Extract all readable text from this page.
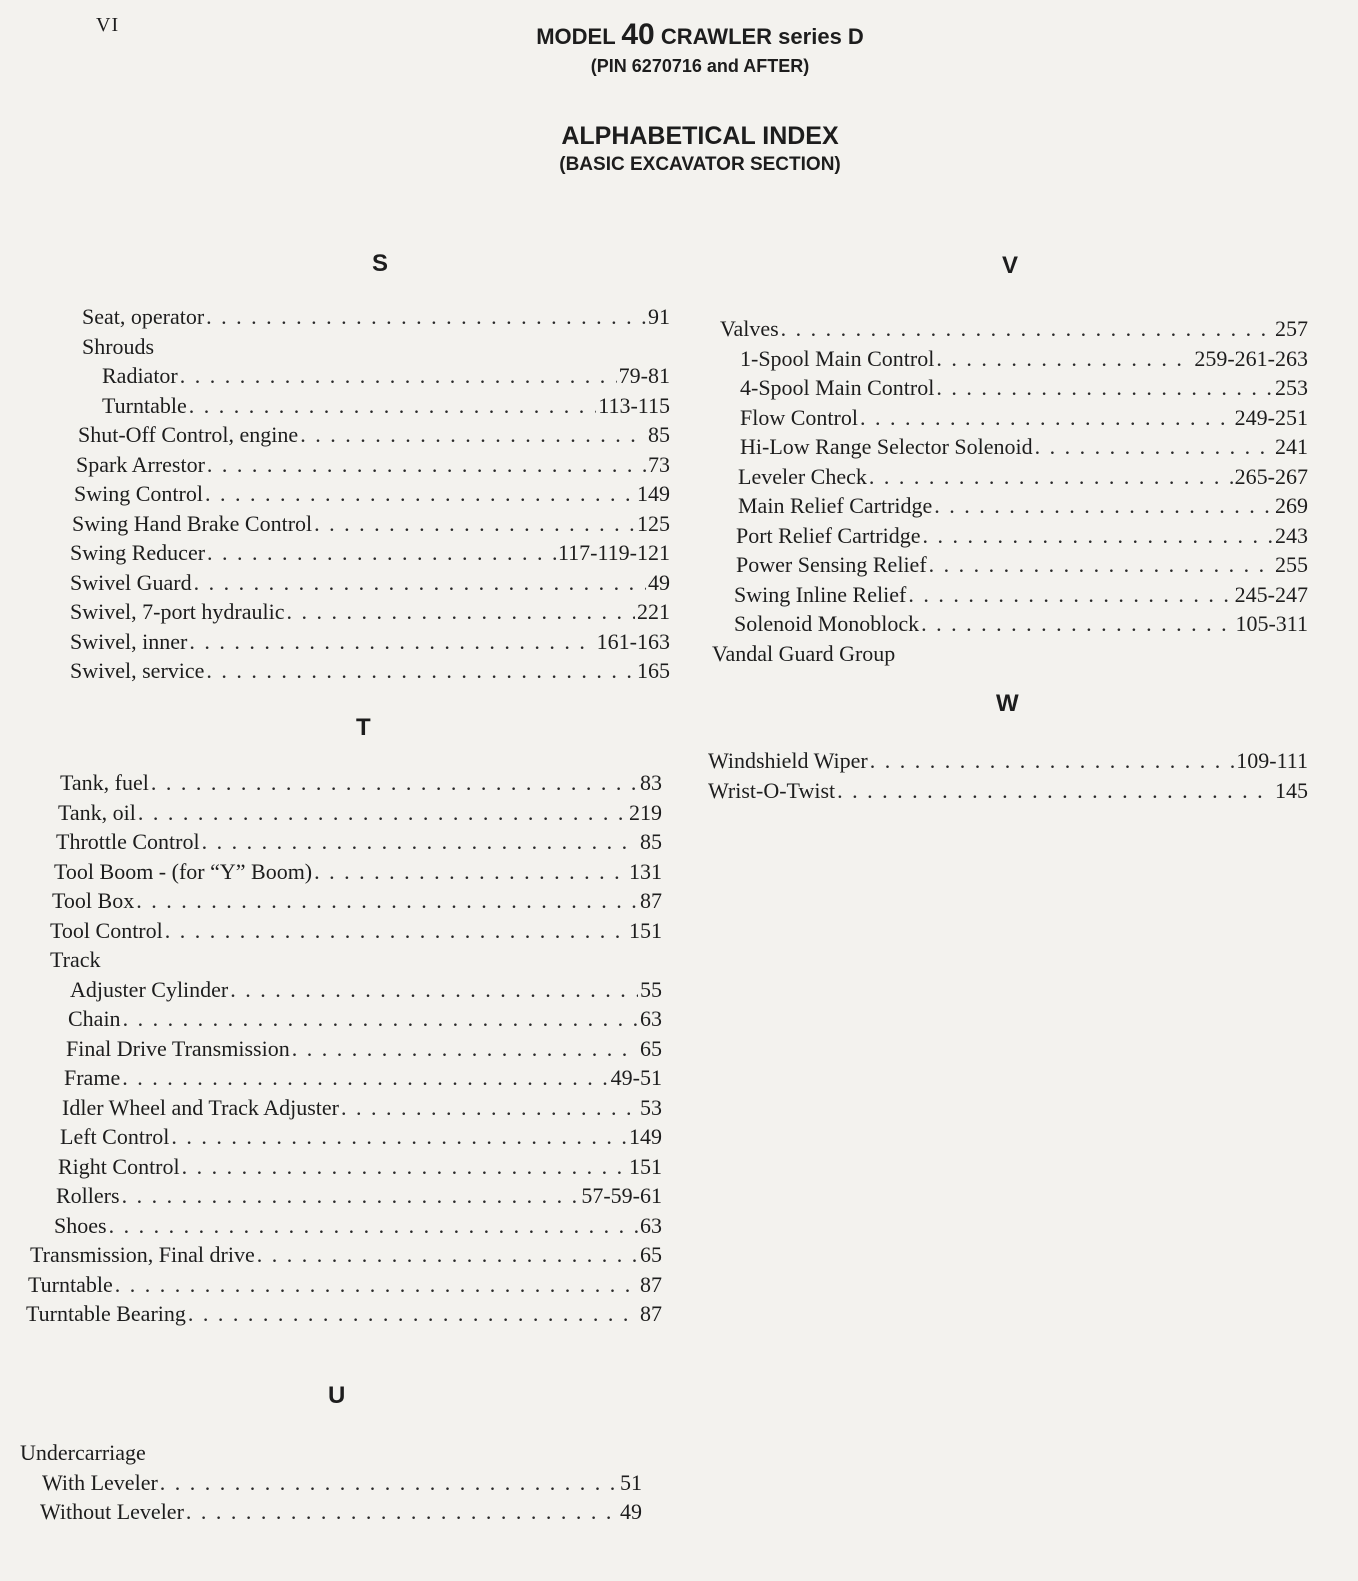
VI	MODEL 40 CRAWLER series D
(PIN 6270716 and AFTER)
ALPHABETICAL INDEX
(BASIC EXCAVATOR SECTION)
S
Seat, operator . . .	91
Shrouds
Radiator . . .	79-81
Turntable . . .	113-115
Shut-Off Control, engine . . .	85
Spark Arrestor . . .	73
Swing Control . . .	149
Swing Hand Brake Control . . .	125
Swing Reducer . . .	117-119-121
Swivel Guard . . .	49
Swivel, 7-port hydraulic . . .	221
Swivel, inner . . .	161-163
Swivel, service . . .	165
T
Tank, fuel . . .	83
Tank, oil . . .	219
Throttle Control . . .	85
Tool Boom - (for “Y” Boom) . . .	131
Tool Box . . .	87
Tool Control . . .	151
Track
Adjuster Cylinder . . .	55
Chain . . .	63
Final Drive Transmission . . .	65
Frame . . .	49-51
Idler Wheel and Track Adjuster . . .	53
Left Control . . .	149
Right Control . . .	151
Rollers . . .	57-59-61
Shoes . . .	63
Transmission, Final drive . . .	65
Turntable . . .	87
Turntable Bearing . . .	87
U
Undercarriage
With Leveler . . .	51
Without Leveler . . .	49
V
Valves . . .	257
1-Spool Main Control . . .	259-261-263
4-Spool Main Control . . .	253
Flow Control . . .	249-251
Hi-Low Range Selector Solenoid . . .	241
Leveler Check . . .	265-267
Main Relief Cartridge . . .	269
Port Relief Cartridge . . .	243
Power Sensing Relief . . .	255
Swing Inline Relief . . .	245-247
Solenoid Monoblock . . .	105-311
Vandal Guard Group
W
Windshield Wiper . . .	109-111
Wrist-O-Twist . . .	145
